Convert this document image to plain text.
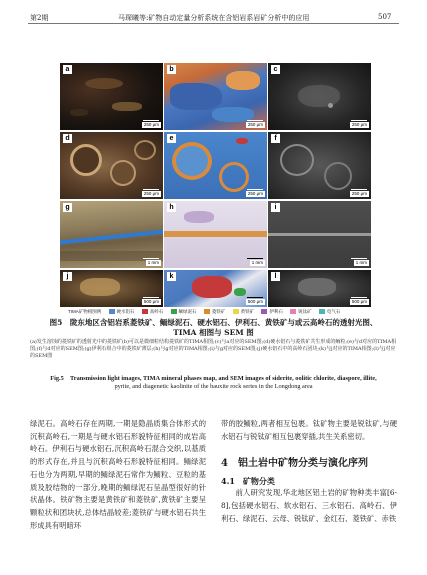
第2期	马琛曦等:矿物自动定量分析系统在含铝岩系岩矿分析中的应用	507
a
250 μm
b
250 μm
c
250 μm
d
250 μm
e
250 μm
f
250 μm
g
1 mm
h
1 mm
i
1 mm
j
500 μm
k
500 μm
l
500 μm
TIMA矿物相图例	硬水铝石	高岭石	鲕绿泥石	菱铁矿	黄铁矿	伊利石	锐钛矿	电气石
图5　陇东地区含铝岩系菱铁矿、鲕绿泥石、硬水铝石、伊利石、黄铁矿与或云高岭石的透射光图、
TIMA 相图与 SEM 图
(a)发生溶蚀的菱铁矿的透射光中的菱铁矿(b)可以是微细粒结构菱铁矿的TIMA相图;(c)与a对应的SEM图;(d)硬水铝石与菱铁矿共生形成的鲕粒;(e)与d对应的TIMA相图;(f)与d对应的SEM图;(g)伊利石组合中的菱铁矿薄层;(h)与g对应的TIMA相图;(i)与g对应的SEM图;(j)硬水铝石中的高岭石团块;(k)与j对应的TIMA相图;(l)与j对应的SEM图
Fig.5　Transmission light images, TIMA mineral phases map, and SEM images of siderite, oolitic chlorite, diaspore, illite,
pyrite, and diagenetic kaolinite of the bauxite rock series in the Longdong area

绿泥石。高岭石存在两期,一期是隐晶质集合体形式的沉积高岭石,一期是与硬水铝石形貌特征相同的成岩高岭石。伊利石与硬水铝石,沉积高岭石混合交织,以基质的形式存在,并且与沉积高岭石形貌特征相同。鲕绿泥石也分为两期,早期的鲕绿泥石常作为鲕粒、豆粒的基质及胶结物的一部分,晚期的鲕绿泥石呈晶型很好的针状晶体。铁矿物主要是黄铁矿和菱铁矿,黄铁矿主要呈颗粒状和团块状,总体结晶较差;菱铁矿与硬水铝石共生形成具有明暗环

带的胶鲕粒,两者相互包裹。钛矿物主要是锐钛矿,与硬水铝石与锐钛矿相互包裹穿插,共生关系密切。

4　铝土岩中矿物分类与演化序列
4.1　矿物分类

前人研究发现,华北地区铝土岩的矿物种类丰富[6-8],包括硬水铝石、软水铝石、三水铝石、高岭石、伊利石、绿泥石、云母、锐钛矿、金红石、菱铁矿、赤铁
